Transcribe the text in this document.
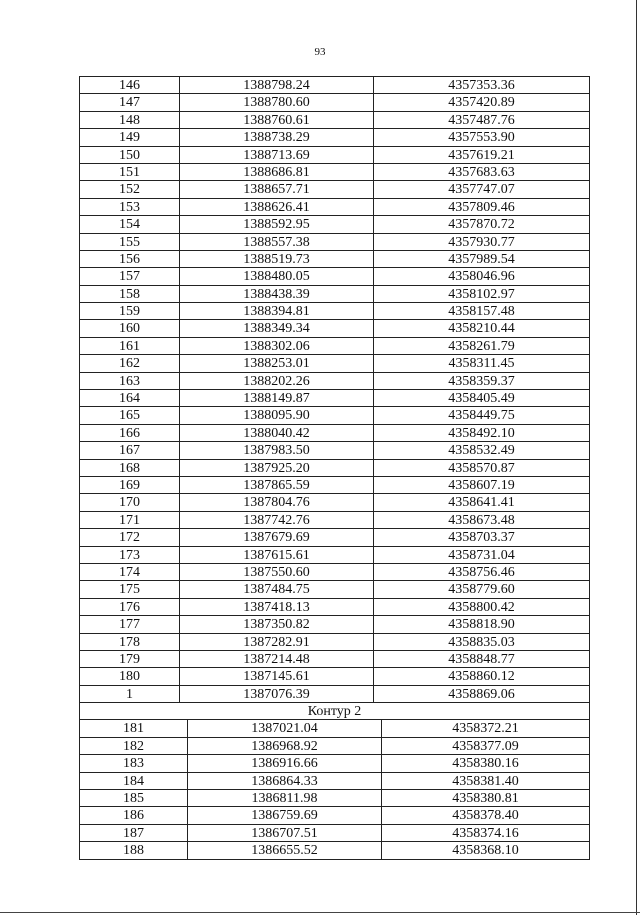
93
146	1388798.24	4357353.36
147	1388780.60	4357420.89
148	1388760.61	4357487.76
149	1388738.29	4357553.90
150	1388713.69	4357619.21
151	1388686.81	4357683.63
152	1388657.71	4357747.07
153	1388626.41	4357809.46
154	1388592.95	4357870.72
155	1388557.38	4357930.77
156	1388519.73	4357989.54
157	1388480.05	4358046.96
158	1388438.39	4358102.97
159	1388394.81	4358157.48
160	1388349.34	4358210.44
161	1388302.06	4358261.79
162	1388253.01	4358311.45
163	1388202.26	4358359.37
164	1388149.87	4358405.49
165	1388095.90	4358449.75
166	1388040.42	4358492.10
167	1387983.50	4358532.49
168	1387925.20	4358570.87
169	1387865.59	4358607.19
170	1387804.76	4358641.41
171	1387742.76	4358673.48
172	1387679.69	4358703.37
173	1387615.61	4358731.04
174	1387550.60	4358756.46
175	1387484.75	4358779.60
176	1387418.13	4358800.42
177	1387350.82	4358818.90
178	1387282.91	4358835.03
179	1387214.48	4358848.77
180	1387145.61	4358860.12
1	1387076.39	4358869.06
Контур 2
181	1387021.04	4358372.21
182	1386968.92	4358377.09
183	1386916.66	4358380.16
184	1386864.33	4358381.40
185	1386811.98	4358380.81
186	1386759.69	4358378.40
187	1386707.51	4358374.16
188	1386655.52	4358368.10
